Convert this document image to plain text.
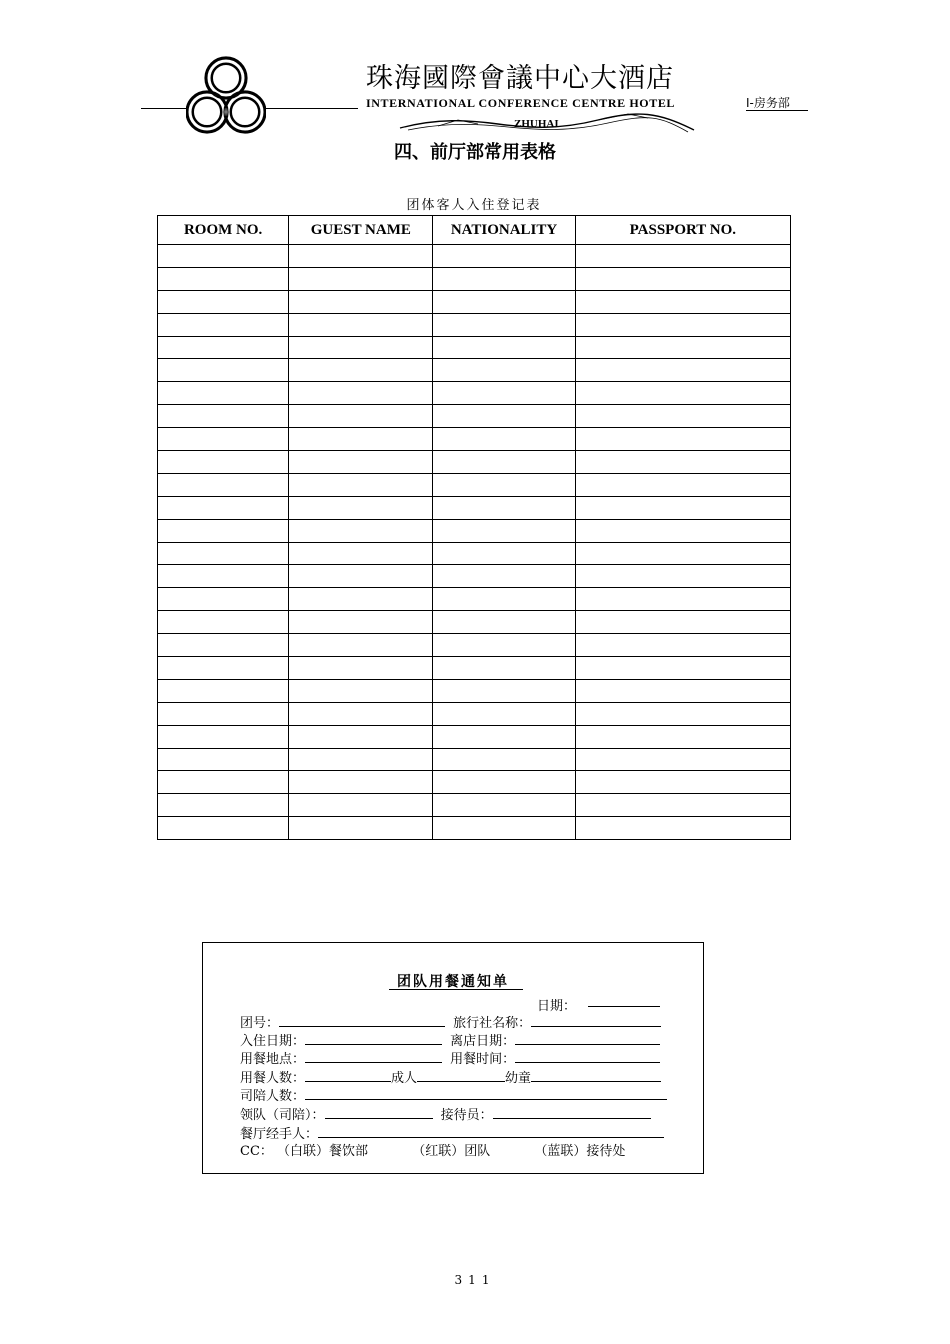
珠海國際會議中心大酒店
INTERNATIONAL CONFERENCE CENTRE HOTEL
ZHUHAI
I-房务部
四、前厅部常用表格
团体客人入住登记表
ROOM NO.	GUEST NAME	NATIONALITY	PASSPORT NO.

团队用餐通知单
日期：
团号：	旅行社名称：
入住日期：	离店日期：
用餐地点：	用餐时间：
用餐人数：	成人	幼童
司陪人数：
领队（司陪）：	接待员：
餐厅经手人：
CC： （白联）餐饮部	（红联）团队	（蓝联）接待处
311
